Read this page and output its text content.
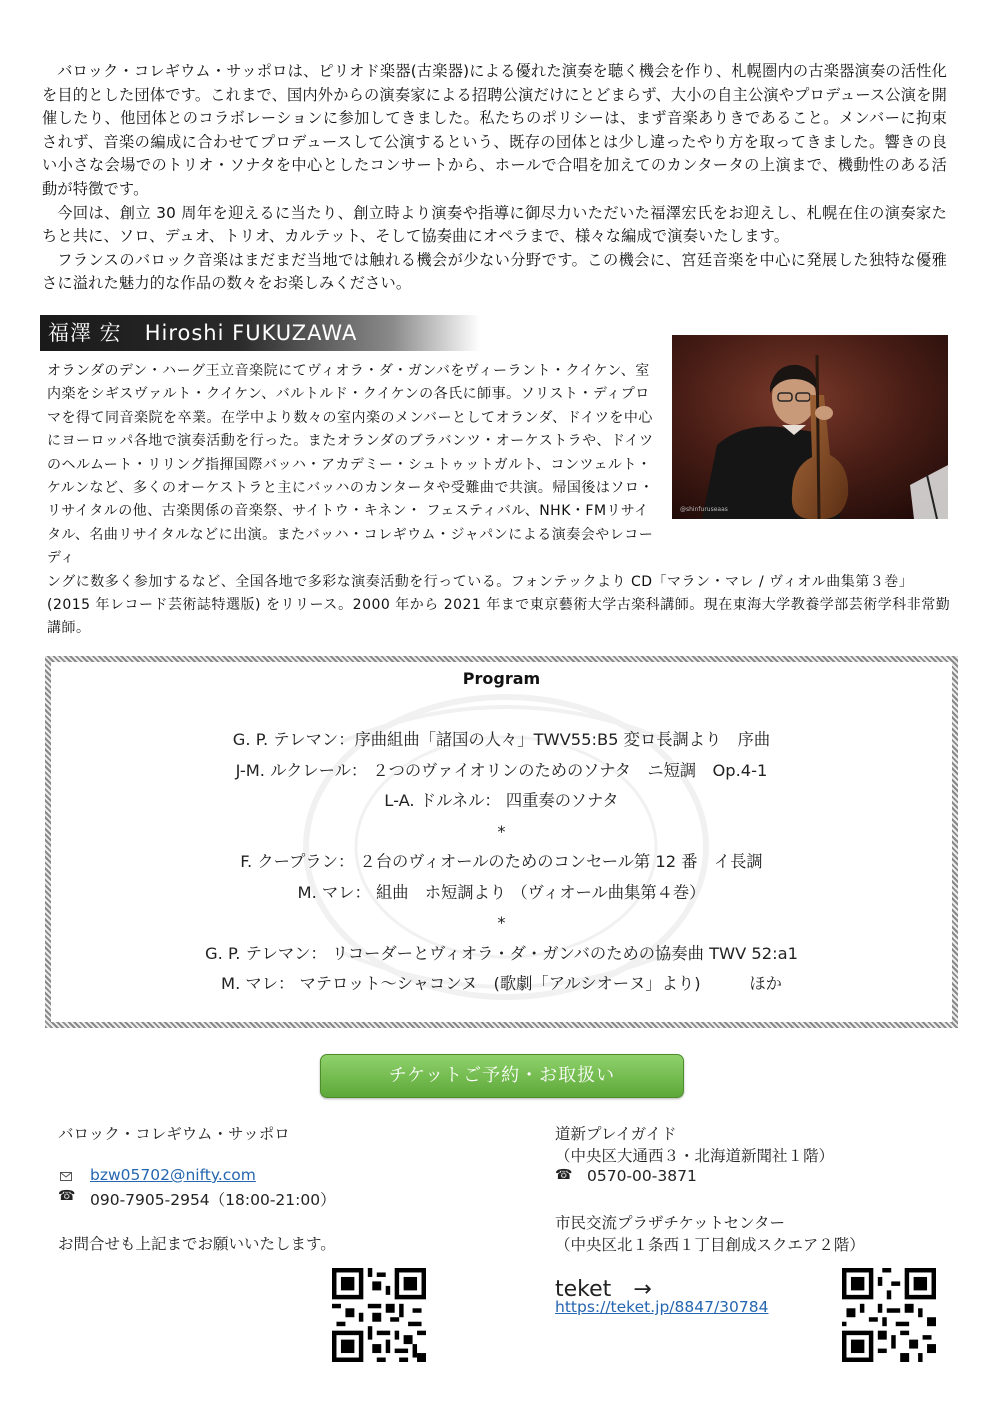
バロック・コレギウム・サッポロは、ピリオド楽器(古楽器)による優れた演奏を聴く機会を作り、札幌圏内の古楽器演奏の活性化を目的とした団体です。これまで、国内外からの演奏家による招聘公演だけにとどまらず、大小の自主公演やプロデュース公演を開催したり、他団体とのコラボレーションに参加してきました。私たちのポリシーは、まず音楽ありきであること。メンバーに拘束されず、音楽の編成に合わせてプロデュースして公演するという、既存の団体とは少し違ったやり方を取ってきました。響きの良い小さな会場でのトリオ・ソナタを中心としたコンサートから、ホールで合唱を加えてのカンタータの上演まで、機動性のある活動が特徴です。

今回は、創立 30 周年を迎えるに当たり、創立時より演奏や指導に御尽力いただいた福澤宏氏をお迎えし、札幌在住の演奏家たちと共に、ソロ、デュオ、トリオ、カルテット、そして協奏曲にオペラまで、様々な編成で演奏いたします。

フランスのバロック音楽はまだまだ当地では触れる機会が少ない分野です。この機会に、宮廷音楽を中心に発展した独特な優雅さに溢れた魅力的な作品の数々をお楽しみください。

福澤 宏 Hiroshi FUKUZAWA
@shinfuruseaas

オランダのデン・ハーグ王立音楽院にてヴィオラ・ダ・ガンバをヴィーラント・クイケン、室内楽をシギスヴァルト・クイケン、バルトルド・クイケンの各氏に師事。ソリスト・ディプロマを得て同音楽院を卒業。在学中より数々の室内楽のメンバーとしてオランダ、ドイツを中心にヨーロッパ各地で演奏活動を行った。またオランダのブラバンツ・オーケストラや、ドイツのヘルムート・リリング指揮国際バッハ・アカデミー・シュトゥットガルト、コンツェルト・ケルンなど、多くのオーケストラと主にバッハのカンタータや受難曲で共演。帰国後はソロ・リサイタルの他、古楽関係の音楽祭、サイトウ・キネン・ フェスティバル、NHK・FMリサイタル、名曲リサイタルなどに出演。またバッハ・コレギウム・ジャパンによる演奏会やレコーディ

ングに数多く参加するなど、全国各地で多彩な演奏活動を行っている。フォンテックより CD「マラン・マレ / ヴィオル曲集第３巻」(2015 年レコード芸術誌特選版) をリリース。2000 年から 2021 年まで東京藝術大学古楽科講師。現在東海大学教養学部芸術学科非常勤講師。

Program
G. P. テレマン：序曲組曲「諸国の人々」TWV55:B5 変ロ長調より　序曲
J-M. ルクレール： ２つのヴァイオリンのためのソナタ　ニ短調　Op.4-1
L-A. ドルネル： 四重奏のソナタ
*
F. クープラン： ２台のヴィオールのためのコンセール第 12 番　イ長調
M. マレ： 組曲　ホ短調より （ヴィオール曲集第４巻）
*
G. P. テレマン： リコーダーとヴィオラ・ダ・ガンバのための協奏曲 TWV 52:a1
M. マレ： マテロット～シャコンヌ　(歌劇「アルシオーヌ」より)　　　ほか
チケットご予約・お取扱い
バロック・コレギウム・サッポロ
bzw05702@nifty.com
☎ 090-7905-2954（18:00-21:00）
お問合せも上記までお願いいたします。
道新プレイガイド
（中央区大通西３・北海道新聞社１階）
☎ 0570-00-3871
市民交流プラザチケットセンター
（中央区北１条西１丁目創成スクエア２階）
teket　→
https://teket.jp/8847/30784
